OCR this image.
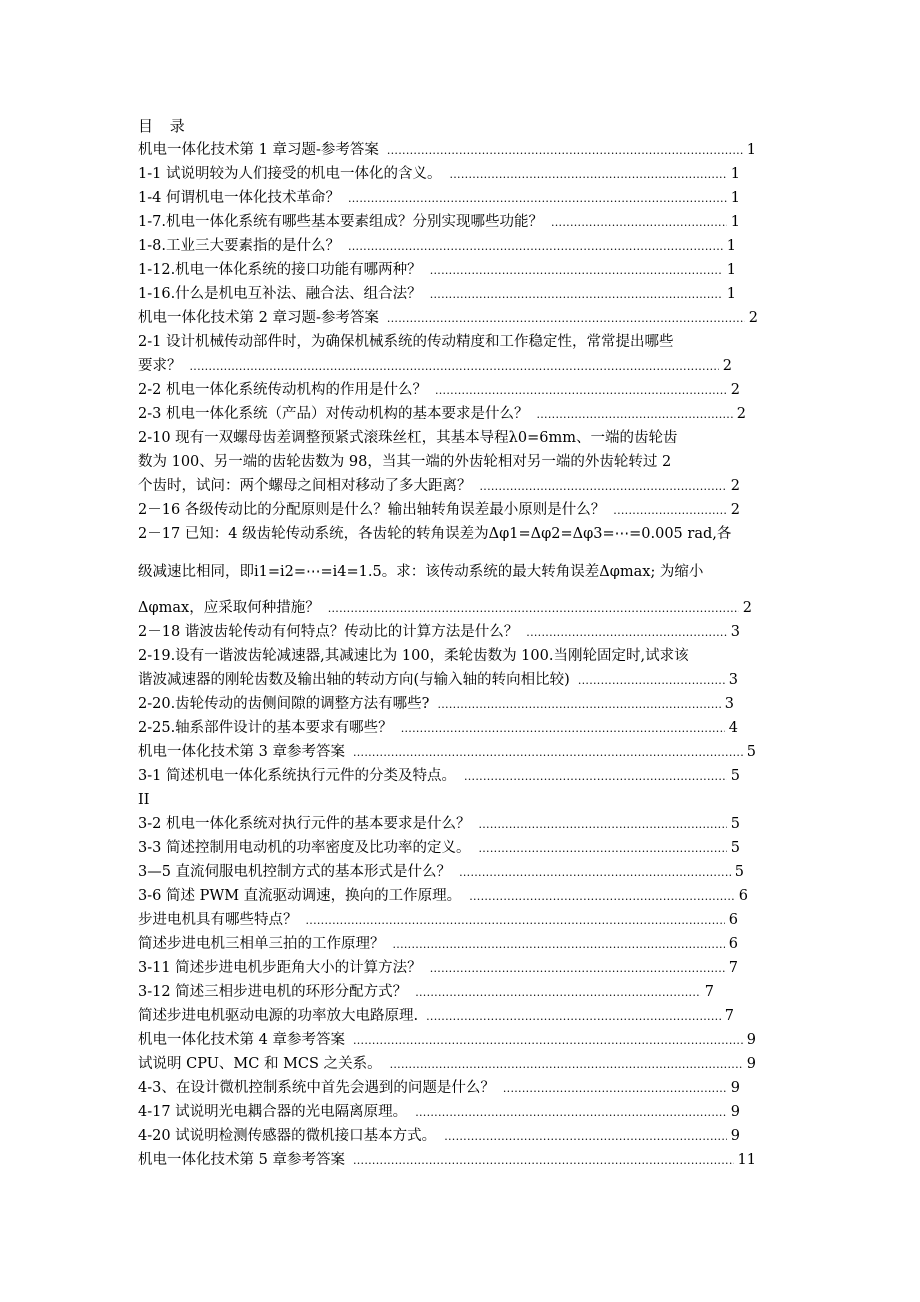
目 录
机电一体化技术第 1 章习题-参考答案 .....	1
1-1 试说明较为人们接受的机电一体化的含义。 .....	1
1-4 何谓机电一体化技术革命？ .....	1
1-7.机电一体化系统有哪些基本要素组成？分别实现哪些功能？ .....	1
1-8.工业三大要素指的是什么？ .....	1
1-12.机电一体化系统的接口功能有哪两种？ .....	1
1-16.什么是机电互补法、融合法、组合法？ .....	1
机电一体化技术第 2 章习题-参考答案 .....	2
2-1 设计机械传动部件时，为确保机械系统的传动精度和工作稳定性，常常提出哪些
要求？ .....	2
2-2 机电一体化系统传动机构的作用是什么？ .....	2
2-3 机电一体化系统（产品）对传动机构的基本要求是什么？ .....	2
2-10 现有一双螺母齿差调整预紧式滚珠丝杠，其基本导程λ0=6mm、一端的齿轮齿
数为 100、另一端的齿轮齿数为 98，当其一端的外齿轮相对另一端的外齿轮转过 2
个齿时，试问：两个螺母之间相对移动了多大距离？ .....	2
2－16 各级传动比的分配原则是什么？输出轴转角误差最小原则是什么？ .....	2
2－17 已知：4 级齿轮传动系统，各齿轮的转角误差为Δφ1=Δφ2=Δφ3=⋯=0.005 rad,各
级减速比相同，即i1=i2=⋯=i4=1.5。求：该传动系统的最大转角误差Δφmax; 为缩小
Δφmax，应采取何种措施？ .....	2
2－18 谐波齿轮传动有何特点？传动比的计算方法是什么？ .....	3
2-19.设有一谐波齿轮减速器,其减速比为 100，柔轮齿数为 100.当刚轮固定时,试求该
谐波减速器的刚轮齿数及输出轴的转动方向(与输入轴的转向相比较) .....	3
2-20.齿轮传动的齿侧间隙的调整方法有哪些? .....	3
2-25.轴系部件设计的基本要求有哪些？ .....	4
机电一体化技术第 3 章参考答案 .....	5
3-1 简述机电一体化系统执行元件的分类及特点。 .....	5
II
3-2 机电一体化系统对执行元件的基本要求是什么？ .....	5
3-3 简述控制用电动机的功率密度及比功率的定义。 .....	5
3—5 直流伺服电机控制方式的基本形式是什么？ .....	5
3-6 简述 PWM 直流驱动调速，换向的工作原理。 .....	6
步进电机具有哪些特点？ .....	6
简述步进电机三相单三拍的工作原理？ .....	6
3-11 简述步进电机步距角大小的计算方法？ .....	7
3-12 简述三相步进电机的环形分配方式？ .....	7
简述步进电机驱动电源的功率放大电路原理. .....	7
机电一体化技术第 4 章参考答案 .....	9
试说明 CPU、MC 和 MCS 之关系。 .....	9
4-3、在设计微机控制系统中首先会遇到的问题是什么？ .....	9
4-17 试说明光电耦合器的光电隔离原理。 .....	9
4-20 试说明检测传感器的微机接口基本方式。 .....	9
机电一体化技术第 5 章参考答案 .....	11
